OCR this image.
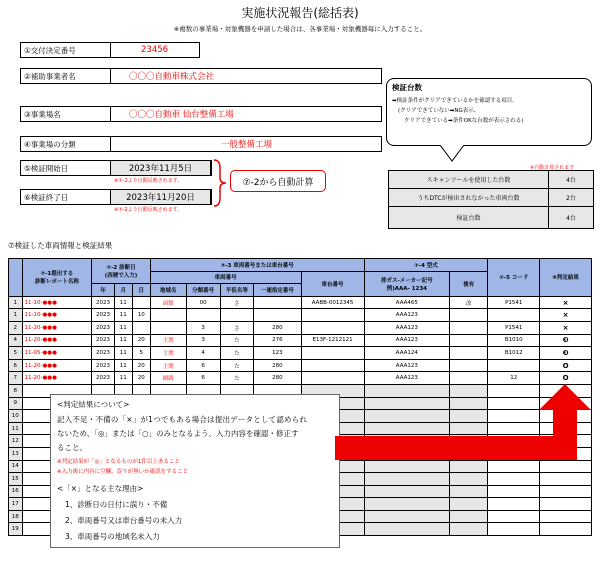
実施状況報告(総括表)
※複数の事業場・対象機器を申請した場合は、各事業場・対象機器毎に入力すること。
①交付決定番号	23456
②補助事業者名	〇〇〇自動車株式会社
③事業場名	〇〇〇自動車 仙台整備工場
④事業場の分類	一般整備工場
⑤検証開始日	2023年11月5日
※⑦-2より自動反映されます。
⑥検証終了日	2023年11月20日
※⑦-2より自動反映されます。
⑦-2から自動計算
検証台数
➡検証条件がクリアできているかを確認する項目。
(クリアできていない➡NG表示、
クリアできている➡条件OKな台数が表示される)
※自動計算されます
スキャンツールを使用した台数	4台
うちDTCが検出されなかった車両台数	2台
検証台数	4台
⑦検証した車両情報と検証結果
	⑦-1提出する
診断レポート名称	⑦-2 診断日
(西暦で入力)			⑦-3 車両番号または車台番号					⑦-4 型式		⑦-5 コード	⑧判定結果
					車両番号				車台番号	排ガス-メーカー記号
例)AAA- 1234	後有		
		年	月	日	地域名	分類番号	平仮名等	一連指定番号					
1	11-10-●●●	2023	11		函館	00	さ		AABB-0012345	AAA465	改	P1541	×
1	11-10-●●●	2023	11	10						AAA123			×
2	11-20-●●●	2023	11			3	さ	280		AAA123		P1541	×
4	11-20-●●●	2023	11	20	主関	3	た	276	E13F-1212121	AAA123		B1010	❸
5	11-05-●●●	2023	11	5	主関	4	た	123		AAA124		B1012	❸
6	11-20-●●●	2023	11	20	主関	6	た	280		AAA123			O
7	11-20-●●●	2023	11	20	網路	6	た	280		AAA123		12	O
8													
9													
10													
11													
12													
13													
14													
15													
16													
17													
18													
19													
<判定結果について>
記入不足・不備の「×」が1つでもある場合は提出データとして認められ
ないため、「◎」または「○」のみとなるよう、入力内容を確認・修正す
ること。
※判定結果が「◎」となるものが1件以上あること
※入力後に内容に空欄、誤りが無いか確認をすること
<「×」となる主な理由>
1、診断日の日付に誤り・不備
2、車両番号又は車台番号の未入力
3、車両番号の地域名未入力
